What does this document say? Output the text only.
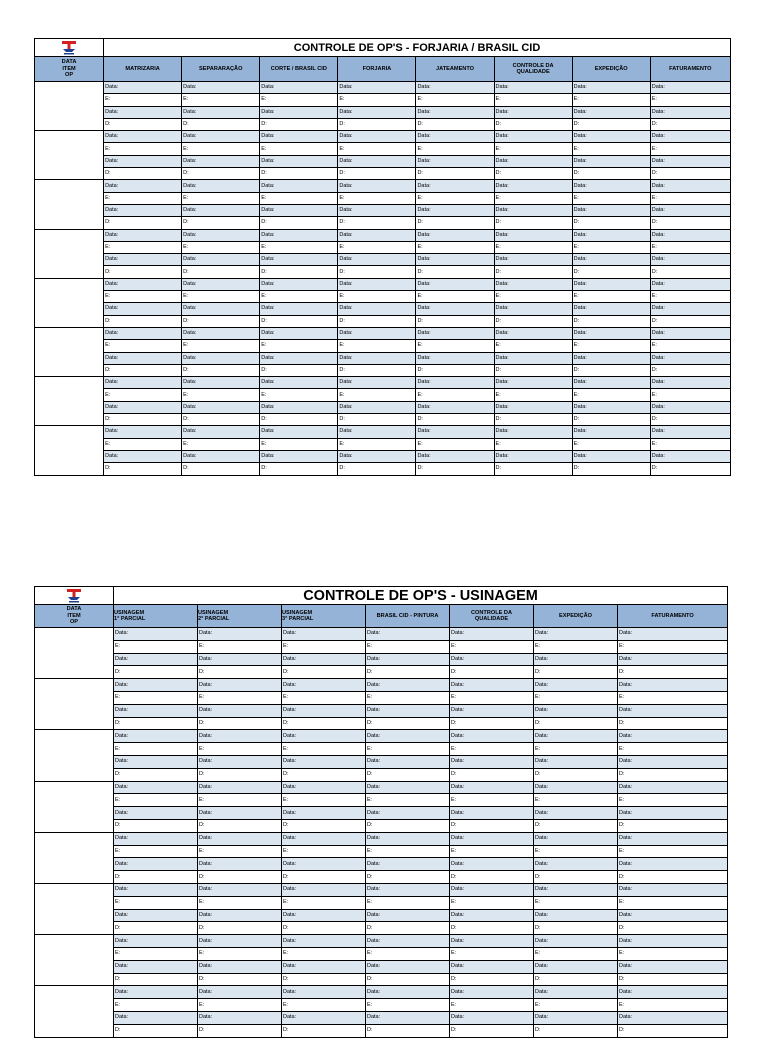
	CONTROLE DE OP'S - FORJARIA / BRASIL CID							
DATA
ITEM
OP	MATRIZARIA	SEPARARAÇÃO	CORTE / BRASIL CID	FORJARIA	JATEAMENTO	CONTROLE DA
QUALIDADE	EXPEDIÇÃO	FATURAMENTO
	Data:	Data:	Data:	Data:	Data:	Data:	Data:	Data:
	E:	E:	E:	E:	E:	E:	E:	E:
	Data:	Data:	Data:	Data:	Data:	Data:	Data:	Data:
	D:	D:	D:	D:	D:	D:	D:	D:
	Data:	Data:	Data:	Data:	Data:	Data:	Data:	Data:
	E:	E:	E:	E:	E:	E:	E:	E:
	Data:	Data:	Data:	Data:	Data:	Data:	Data:	Data:
	D:	D:	D:	D:	D:	D:	D:	D:
	Data:	Data:	Data:	Data:	Data:	Data:	Data:	Data:
	E:	E:	E:	E:	E:	E:	E:	E:
	Data:	Data:	Data:	Data:	Data:	Data:	Data:	Data:
	D:	D:	D:	D:	D:	D:	D:	D:
	Data:	Data:	Data:	Data:	Data:	Data:	Data:	Data:
	E:	E:	E:	E:	E:	E:	E:	E:
	Data:	Data:	Data:	Data:	Data:	Data:	Data:	Data:
	D:	D:	D:	D:	D:	D:	D:	D:
	Data:	Data:	Data:	Data:	Data:	Data:	Data:	Data:
	E:	E:	E:	E:	E:	E:	E:	E:
	Data:	Data:	Data:	Data:	Data:	Data:	Data:	Data:
	D:	D:	D:	D:	D:	D:	D:	D:
	Data:	Data:	Data:	Data:	Data:	Data:	Data:	Data:
	E:	E:	E:	E:	E:	E:	E:	E:
	Data:	Data:	Data:	Data:	Data:	Data:	Data:	Data:
	D:	D:	D:	D:	D:	D:	D:	D:
	Data:	Data:	Data:	Data:	Data:	Data:	Data:	Data:
	E:	E:	E:	E:	E:	E:	E:	E:
	Data:	Data:	Data:	Data:	Data:	Data:	Data:	Data:
	D:	D:	D:	D:	D:	D:	D:	D:
	Data:	Data:	Data:	Data:	Data:	Data:	Data:	Data:
	E:	E:	E:	E:	E:	E:	E:	E:
	Data:	Data:	Data:	Data:	Data:	Data:	Data:	Data:
	D:	D:	D:	D:	D:	D:	D:	D:
	CONTROLE DE OP'S - USINAGEM						
DATA
ITEM
OP	USINAGEM
1° PARCIAL	USINAGEM
2° PARCIAL	USINAGEM
3° PARCIAL	BRASIL CID - PINTURA	CONTROLE DA
QUALIDADE	EXPEDIÇÃO	FATURAMENTO
	Data:	Data:	Data:	Data:	Data:	Data:	Data:
	E:	E:	E:	E:	E:	E:	E:
	Data:	Data:	Data:	Data:	Data:	Data:	Data:
	D:	D:	D:	D:	D:	D:	D:
	Data:	Data:	Data:	Data:	Data:	Data:	Data:
	E:	E:	E:	E:	E:	E:	E:
	Data:	Data:	Data:	Data:	Data:	Data:	Data:
	D:	D:	D:	D:	D:	D:	D:
	Data:	Data:	Data:	Data:	Data:	Data:	Data:
	E:	E:	E:	E:	E:	E:	E:
	Data:	Data:	Data:	Data:	Data:	Data:	Data:
	D:	D:	D:	D:	D:	D:	D:
	Data:	Data:	Data:	Data:	Data:	Data:	Data:
	E:	E:	E:	E:	E:	E:	E:
	Data:	Data:	Data:	Data:	Data:	Data:	Data:
	D:	D:	D:	D:	D:	D:	D:
	Data:	Data:	Data:	Data:	Data:	Data:	Data:
	E:	E:	E:	E:	E:	E:	E:
	Data:	Data:	Data:	Data:	Data:	Data:	Data:
	D:	D:	D:	D:	D:	D:	D:
	Data:	Data:	Data:	Data:	Data:	Data:	Data:
	E:	E:	E:	E:	E:	E:	E:
	Data:	Data:	Data:	Data:	Data:	Data:	Data:
	D:	D:	D:	D:	D:	D:	D:
	Data:	Data:	Data:	Data:	Data:	Data:	Data:
	E:	E:	E:	E:	E:	E:	E:
	Data:	Data:	Data:	Data:	Data:	Data:	Data:
	D:	D:	D:	D:	D:	D:	D:
	Data:	Data:	Data:	Data:	Data:	Data:	Data:
	E:	E:	E:	E:	E:	E:	E:
	Data:	Data:	Data:	Data:	Data:	Data:	Data:
	D:	D:	D:	D:	D:	D:	D:
